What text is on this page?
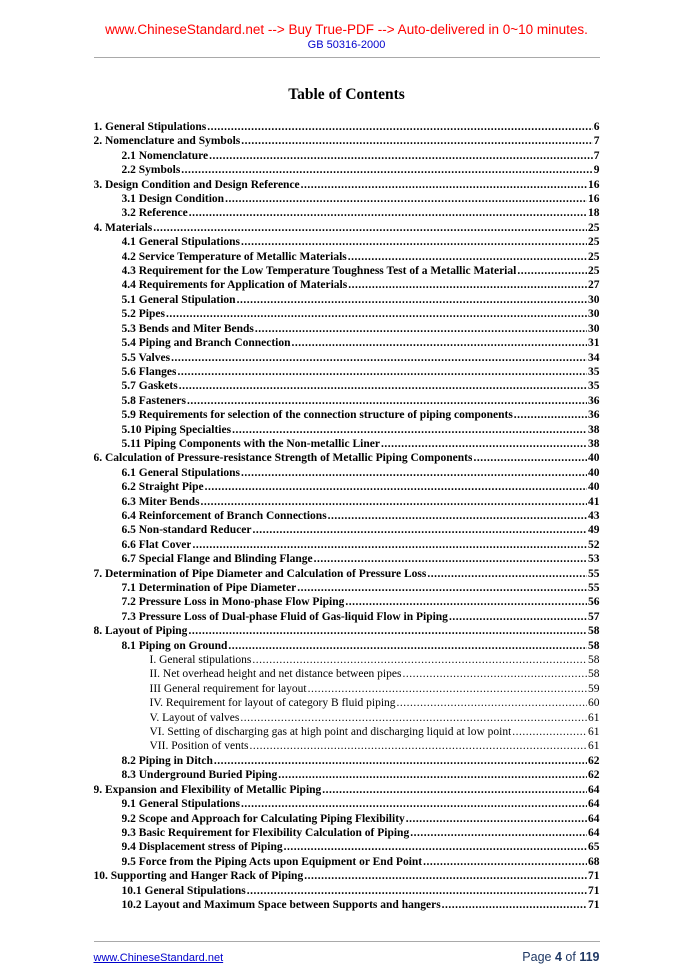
www.ChineseStandard.net --> Buy True-PDF --> Auto-delivered in 0~10 minutes.
GB 50316-2000
Table of Contents
1. General Stipulations .....	6
2. Nomenclature and Symbols .....	7
2.1 Nomenclature .....	7
2.2 Symbols .....	9
3. Design Condition and Design Reference .....	16
3.1 Design Condition .....	16
3.2 Reference .....	18
4. Materials .....	25
4.1 General Stipulations .....	25
4.2 Service Temperature of Metallic Materials .....	25
4.3 Requirement for the Low Temperature Toughness Test of a Metallic Material .....	25
4.4 Requirements for Application of Materials .....	27
5.1 General Stipulation .....	30
5.2 Pipes .....	30
5.3 Bends and Miter Bends .....	30
5.4 Piping and Branch Connection .....	31
5.5 Valves .....	34
5.6 Flanges .....	35
5.7 Gaskets .....	35
5.8 Fasteners .....	36
5.9 Requirements for selection of the connection structure of piping components .....	36
5.10 Piping Specialties .....	38
5.11 Piping Components with the Non-metallic Liner .....	38
6. Calculation of Pressure-resistance Strength of Metallic Piping Components .....	40
6.1 General Stipulations .....	40
6.2 Straight Pipe .....	40
6.3 Miter Bends .....	41
6.4 Reinforcement of Branch Connections .....	43
6.5 Non-standard Reducer .....	49
6.6 Flat Cover .....	52
6.7 Special Flange and Blinding Flange .....	53
7. Determination of Pipe Diameter and Calculation of Pressure Loss .....	55
7.1 Determination of Pipe Diameter .....	55
7.2 Pressure Loss in Mono-phase Flow Piping .....	56
7.3 Pressure Loss of Dual-phase Fluid of Gas-liquid Flow in Piping .....	57
8. Layout of Piping .....	58
8.1 Piping on Ground .....	58
I. General stipulations .....	58
II. Net overhead height and net distance between pipes .....	58
III General requirement for layout .....	59
IV. Requirement for layout of category B fluid piping .....	60
V. Layout of valves .....	61
VI. Setting of discharging gas at high point and discharging liquid at low point .....	61
VII. Position of vents .....	61
8.2 Piping in Ditch .....	62
8.3 Underground Buried Piping .....	62
9. Expansion and Flexibility of Metallic Piping .....	64
9.1 General Stipulations .....	64
9.2 Scope and Approach for Calculating Piping Flexibility .....	64
9.3 Basic Requirement for Flexibility Calculation of Piping .....	64
9.4 Displacement stress of Piping .....	65
9.5 Force from the Piping Acts upon Equipment or End Point .....	68
10. Supporting and Hanger Rack of Piping .....	71
10.1 General Stipulations .....	71
10.2 Layout and Maximum Space between Supports and hangers .....	71
www.ChineseStandard.net	Page 4 of 119
